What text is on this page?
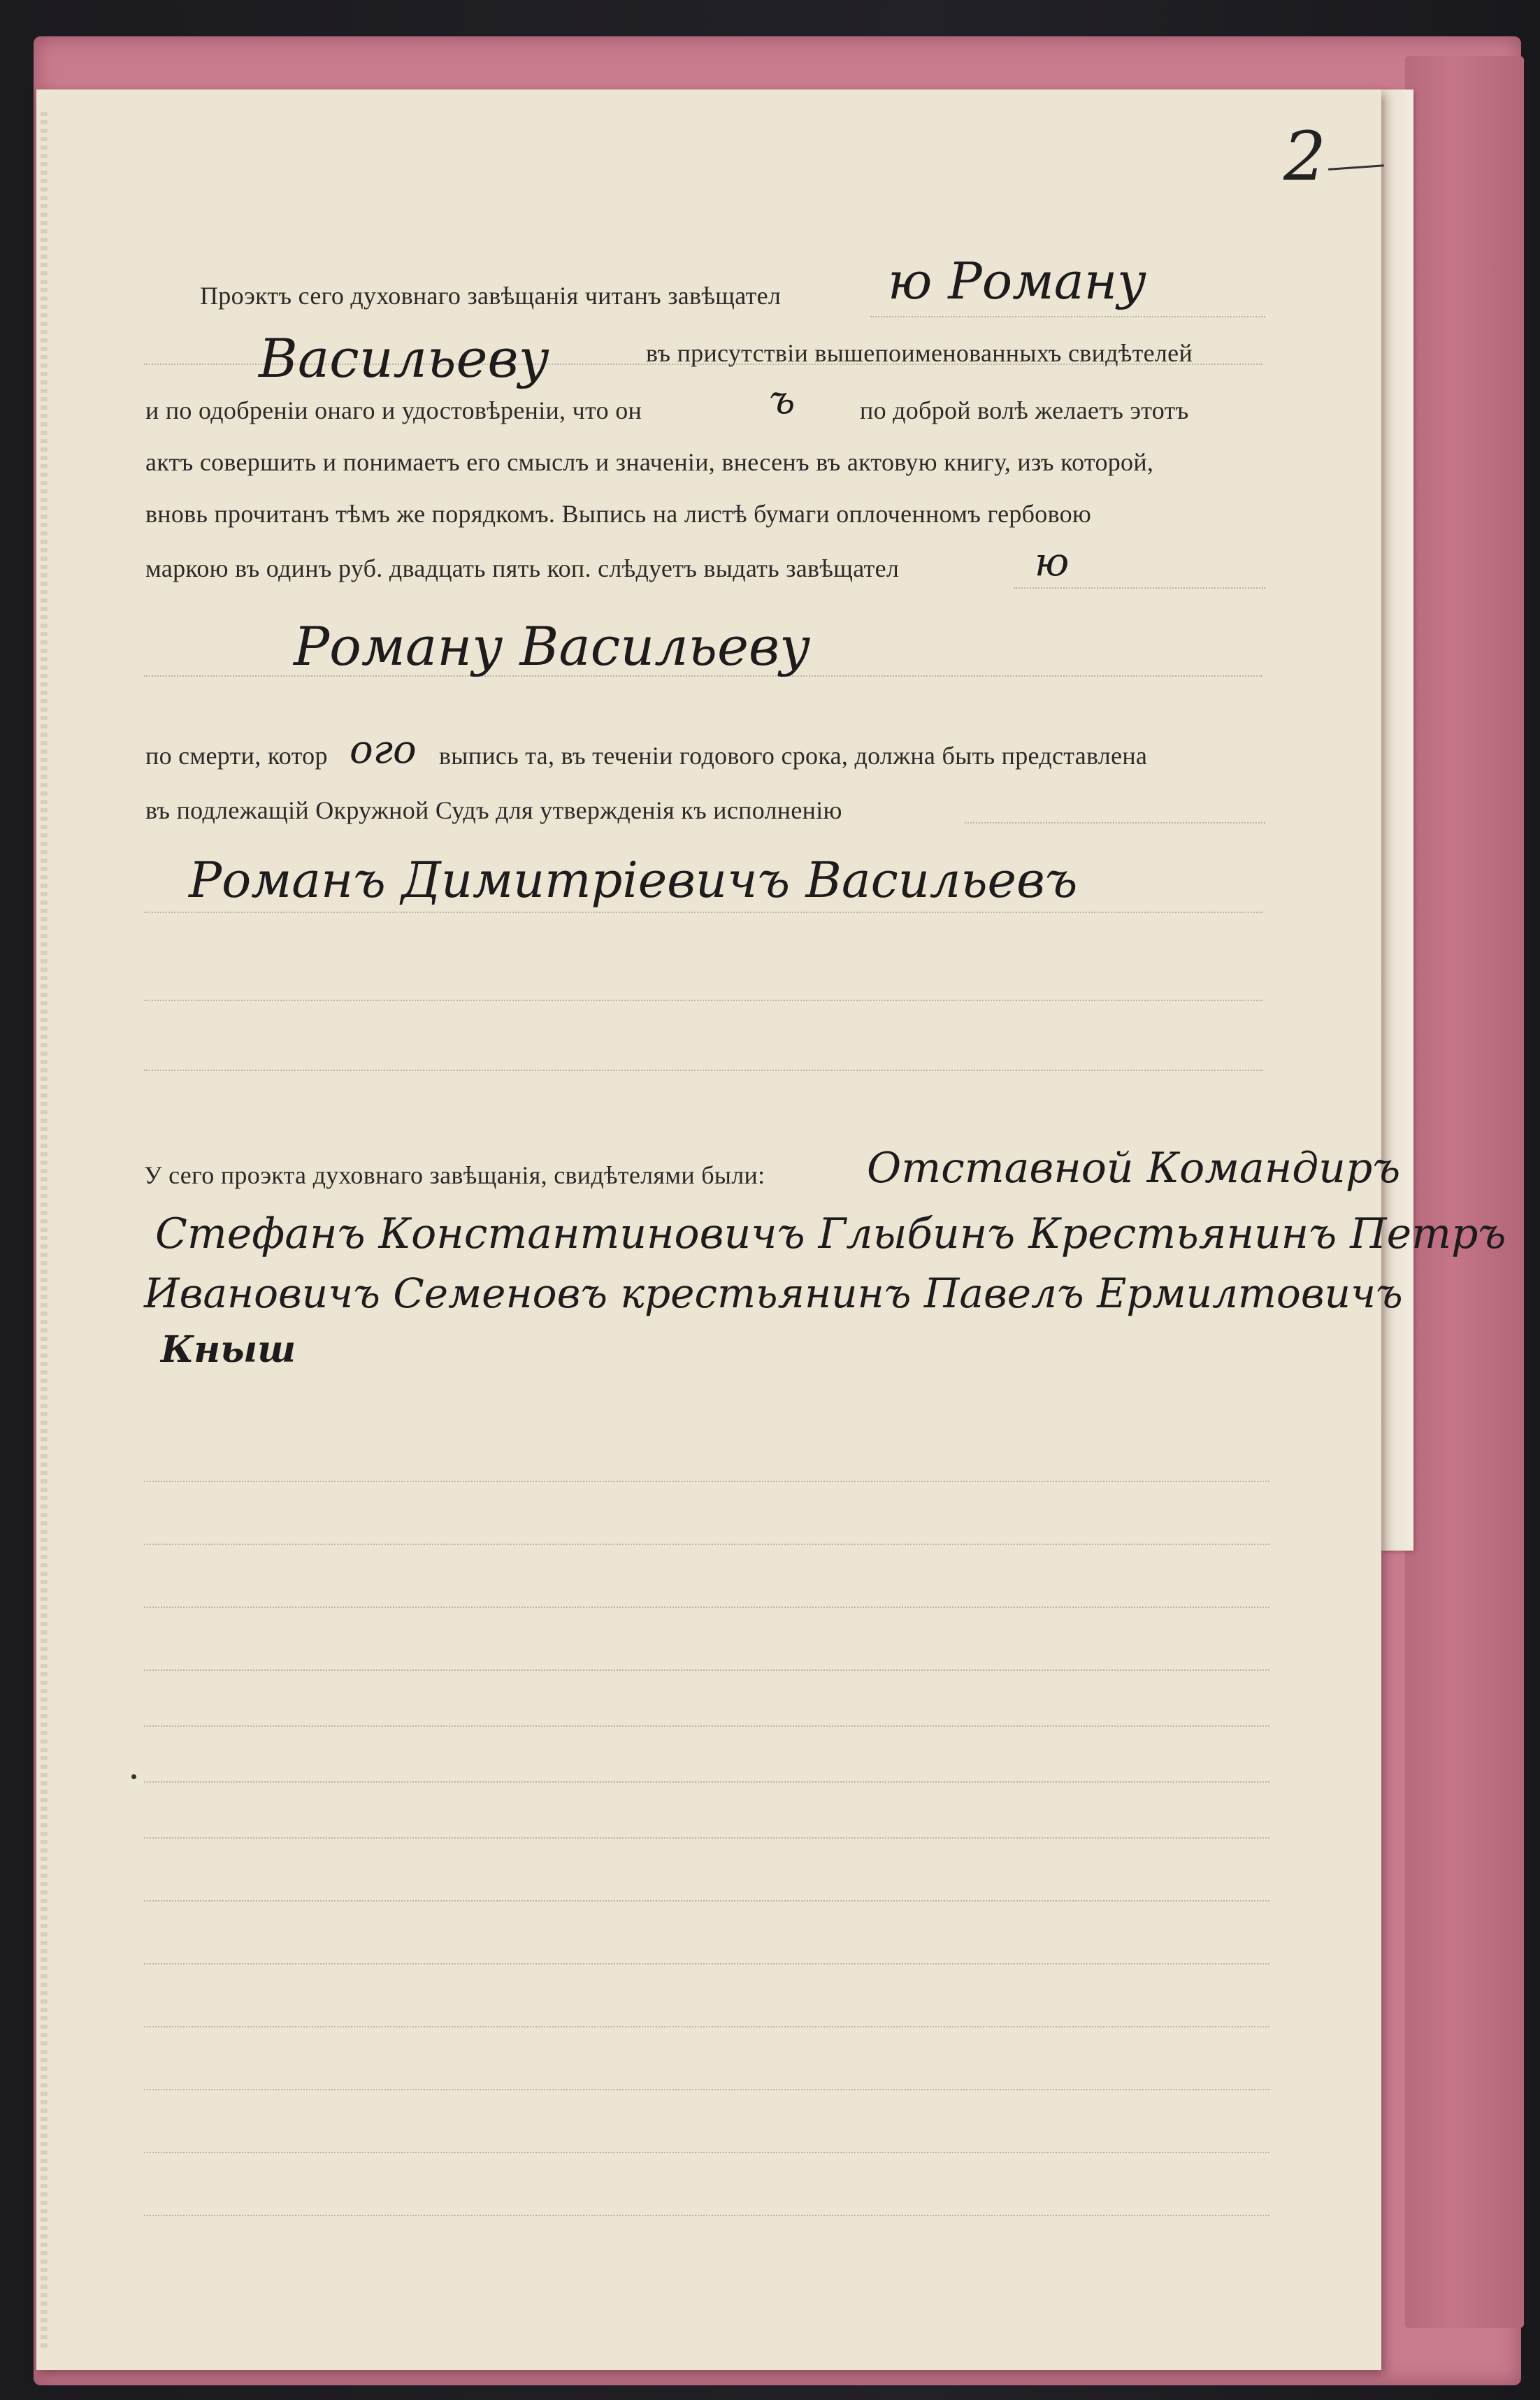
2
Проэктъ сего духовнаго завѣщанія читанъ завѣщател ю Роману
Васильеву	въ присутствіи вышепоименованныхъ свидѣтелей
и по одобреніи онаго и удостовѣреніи, что он	ъ	по доброй волѣ желаетъ этотъ
актъ совершить и понимаетъ его смыслъ и значеніи, внесенъ въ актовую книгу, изъ которой,
вновь прочитанъ тѣмъ же порядкомъ. Выпись на листѣ бумаги оплоченномъ гербовою
маркою въ одинъ руб. двадцать пять коп. слѣдуетъ выдать завѣщател	ю
Роману Васильеву
по смерти, котор ого выпись та, въ теченіи годового срока, должна быть представлена
въ подлежащій Окружной Судъ для утвержденія къ исполненію
Романъ Димитріевичъ Васильевъ
У сего проэкта духовнаго завѣщанія, свидѣтелями были: Отставной Командиръ
Стефанъ Константиновичъ Глыбинъ Крестьянинъ Петръ
Ивановичъ Семеновъ крестьянинъ Павелъ Ермилтовичъ
Кныш
